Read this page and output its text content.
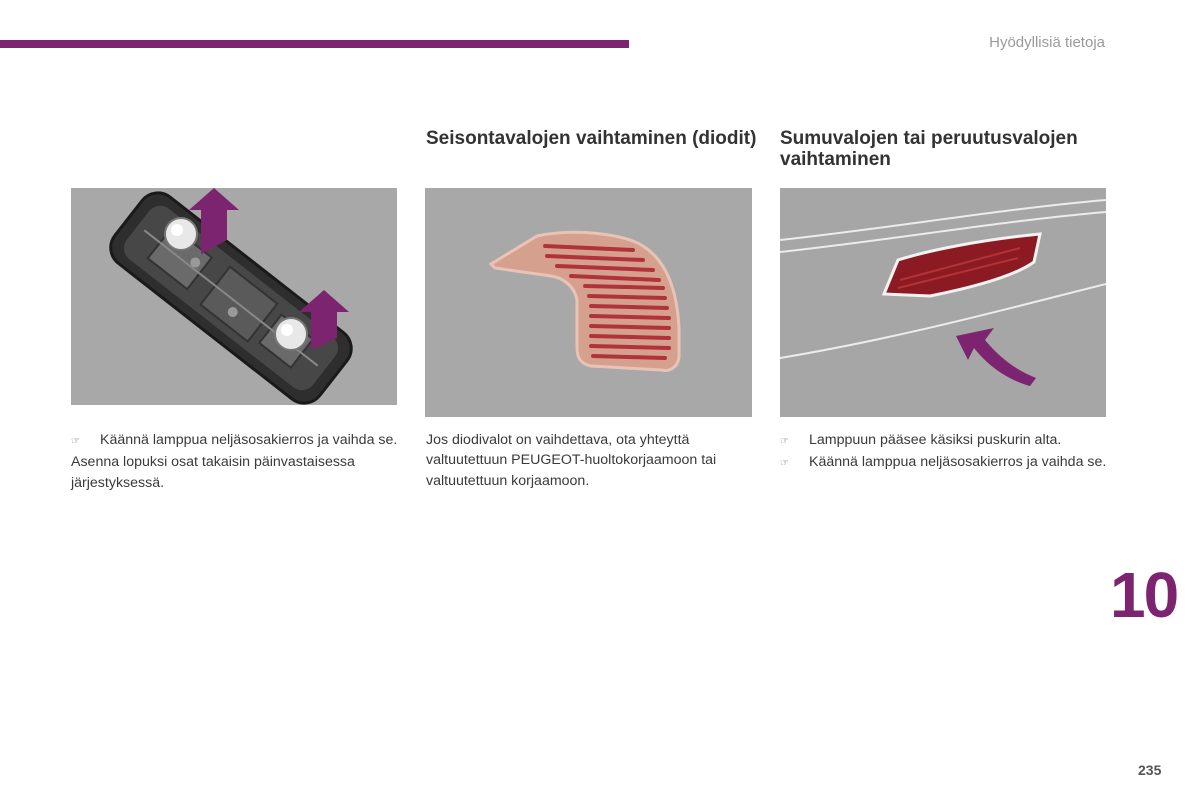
Hyödyllisiä tietoja
Seisontavalojen vaihtaminen (diodit)	Sumuvalojen tai peruutusvalojen vaihtaminen
☞	Käännä lamppua neljäsosakierros ja vaihda se.

Asenna lopuksi osat takaisin päinvastaisessa järjestyksessä.

Jos diodivalot on vaihdettava, ota yhteyttä valtuutettuun PEUGEOT-huoltokorjaamoon tai valtuutettuun korjaamoon.

☞	Lamppuun pääsee käsiksi puskurin alta.
☞	Käännä lamppua neljäsosakierros ja vaihda se.
10
235
